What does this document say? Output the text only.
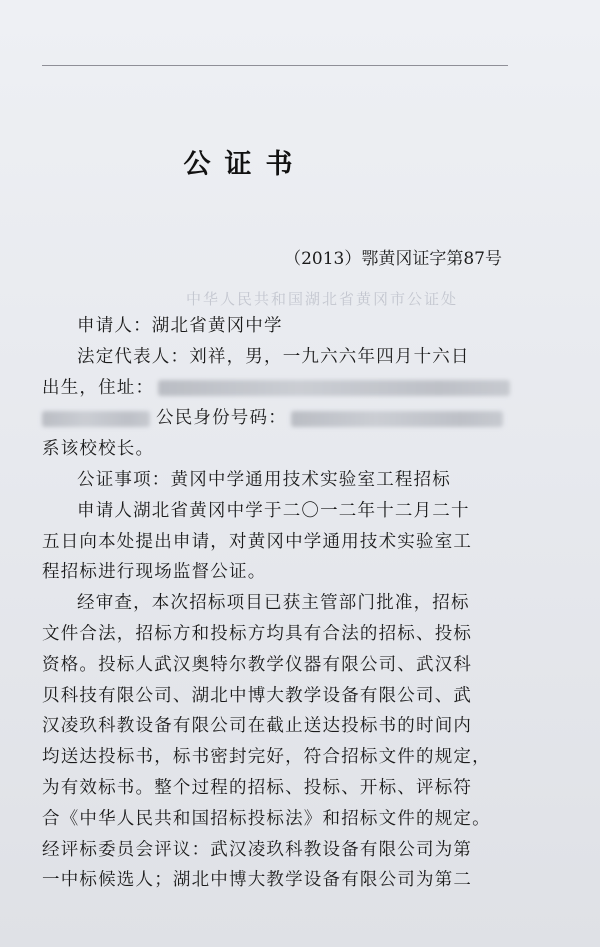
中华人民共和国湖北省黄冈市公证处
公证书
（2013）鄂黄冈证字第87号
申请人：湖北省黄冈中学
法定代表人：刘祥，男，一九六六年四月十六日
出生，住址：
公民身份号码：
系该校校长。
公证事项：黄冈中学通用技术实验室工程招标
申请人湖北省黄冈中学于二〇一二年十二月二十
五日向本处提出申请，对黄冈中学通用技术实验室工
程招标进行现场监督公证。
经审查，本次招标项目已获主管部门批准，招标
文件合法，招标方和投标方均具有合法的招标、投标
资格。投标人武汉奥特尔教学仪器有限公司、武汉科
贝科技有限公司、湖北中博大教学设备有限公司、武
汉凌玖科教设备有限公司在截止送达投标书的时间内
均送达投标书，标书密封完好，符合招标文件的规定，
为有效标书。整个过程的招标、投标、开标、评标符
合《中华人民共和国招标投标法》和招标文件的规定。
经评标委员会评议：武汉凌玖科教设备有限公司为第
一中标候选人；湖北中博大教学设备有限公司为第二
